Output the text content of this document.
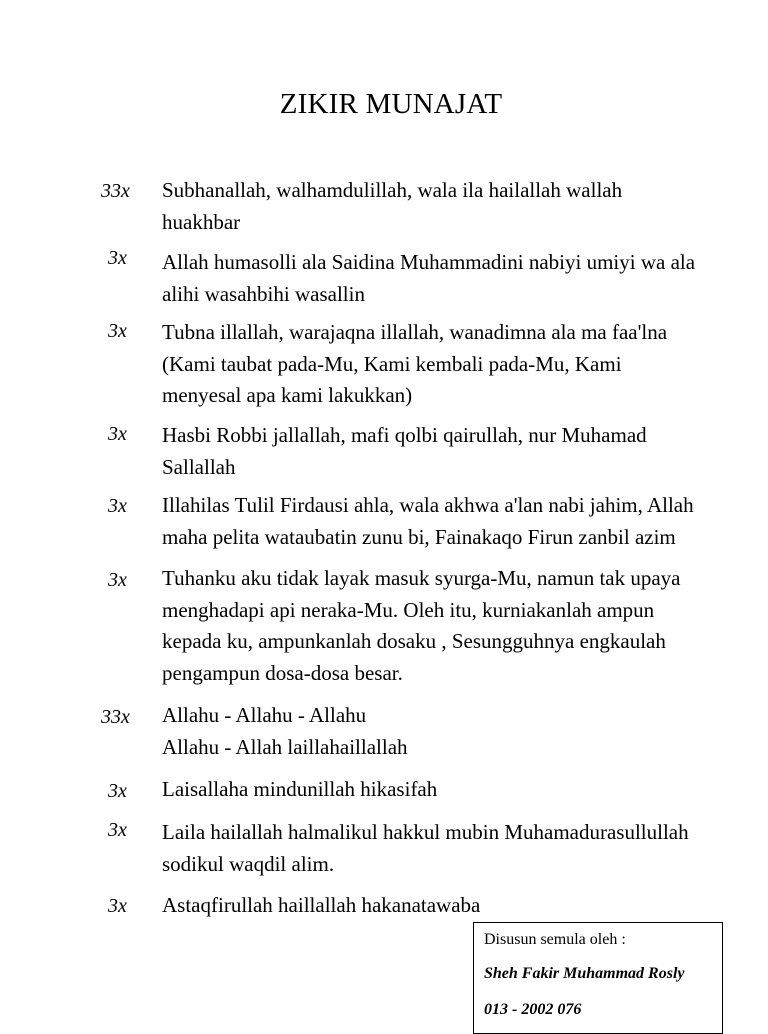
ZIKIR MUNAJAT
33x Subhanallah, walhamdulillah, wala ila hailallah wallah
huakhbar
3x Allah humasolli ala Saidina Muhammadini nabiyi umiyi wa ala
alihi wasahbihi wasallin
3x Tubna illallah, warajaqna illallah, wanadimna ala ma faa'lna
(Kami taubat pada-Mu, Kami kembali pada-Mu, Kami
menyesal apa kami lakukkan)
3x Hasbi Robbi jallallah, mafi qolbi qairullah, nur Muhamad
Sallallah
3x Illahilas Tulil Firdausi ahla, wala akhwa a'lan nabi jahim, Allah
maha pelita wataubatin zunu bi, Fainakaqo Firun zanbil azim
3x Tuhanku aku tidak layak masuk syurga-Mu, namun tak upaya
menghadapi api neraka-Mu. Oleh itu, kurniakanlah ampun
kepada ku, ampunkanlah dosaku , Sesungguhnya engkaulah
pengampun dosa-dosa besar.
33x Allahu - Allahu - Allahu
Allahu - Allah laillahaillallah
3x Laisallaha mindunillah hikasifah
3x Laila hailallah halmalikul hakkul mubin Muhamadurasullullah
sodikul waqdil alim.
3x Astaqfirullah haillallah hakanatawaba
Disusun semula oleh :
Sheh Fakir Muhammad Rosly
013 - 2002 076
